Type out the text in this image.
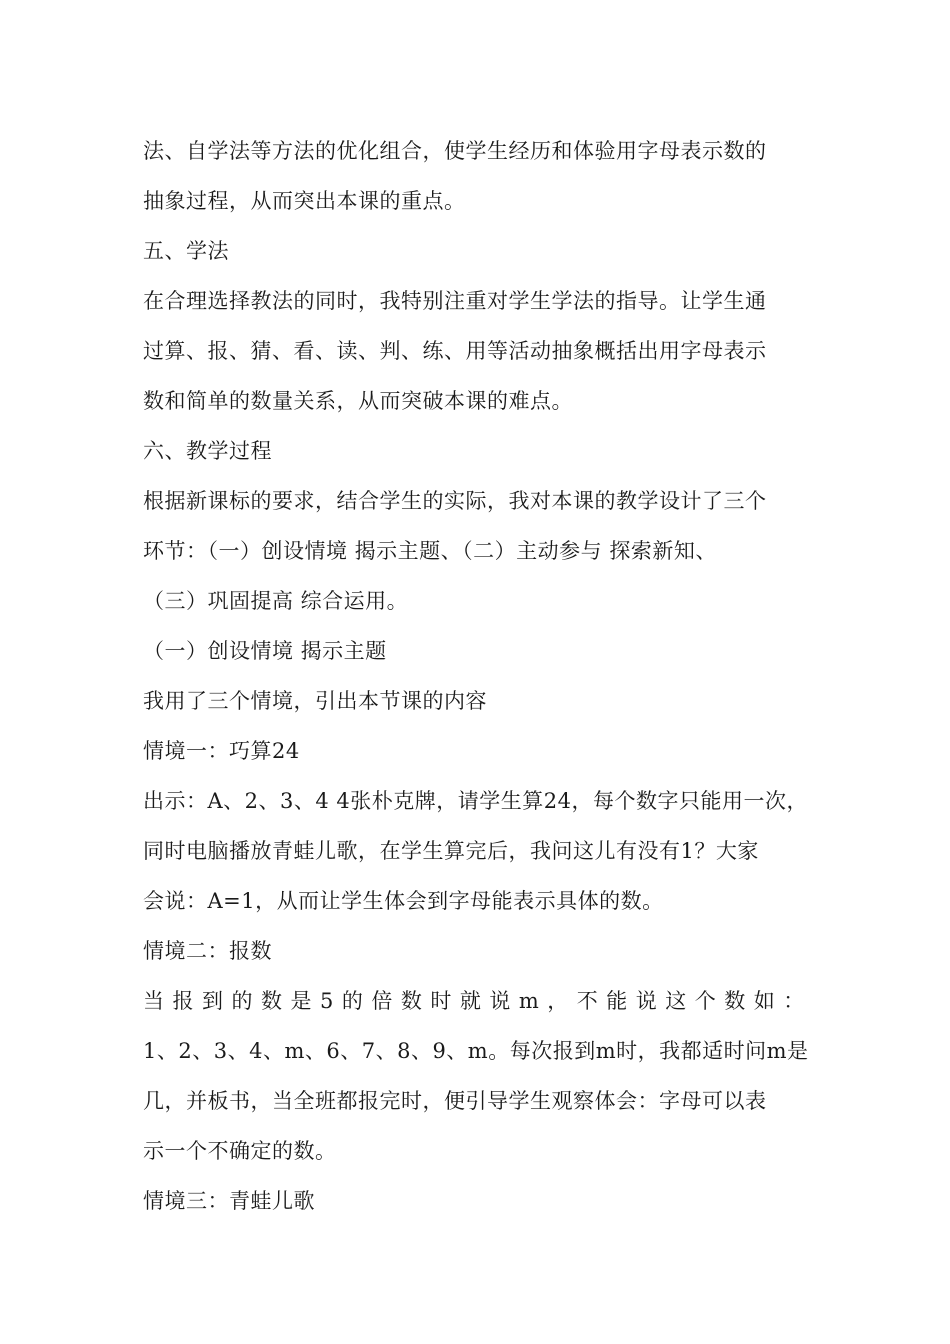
法、自学法等方法的优化组合，使学生经历和体验用字母表示数的
抽象过程，从而突出本课的重点。
五、学法
在合理选择教法的同时，我特别注重对学生学法的指导。让学生通
过算、报、猜、看、读、判、练、用等活动抽象概括出用字母表示
数和简单的数量关系，从而突破本课的难点。
六、教学过程
根据新课标的要求，结合学生的实际，我对本课的教学设计了三个
环节：（一）创设情境 揭示主题、（二）主动参与 探索新知、
（三）巩固提高 综合运用。
（一）创设情境 揭示主题
我用了三个情境，引出本节课的内容
情境一：巧算24
出示：A、2、3、4 4张朴克牌，请学生算24，每个数字只能用一次，
同时电脑播放青蛙儿歌，在学生算完后，我问这儿有没有1？大家
会说：A=1，从而让学生体会到字母能表示具体的数。
情境二：报数
当 报 到 的 数 是 5 的 倍 数 时 就 说 m ， 不 能 说 这 个 数 如 ：
1、2、3、4、m、6、7、8、9、m。每次报到m时，我都适时问m是
几，并板书，当全班都报完时，便引导学生观察体会：字母可以表
示一个不确定的数。
情境三：青蛙儿歌
